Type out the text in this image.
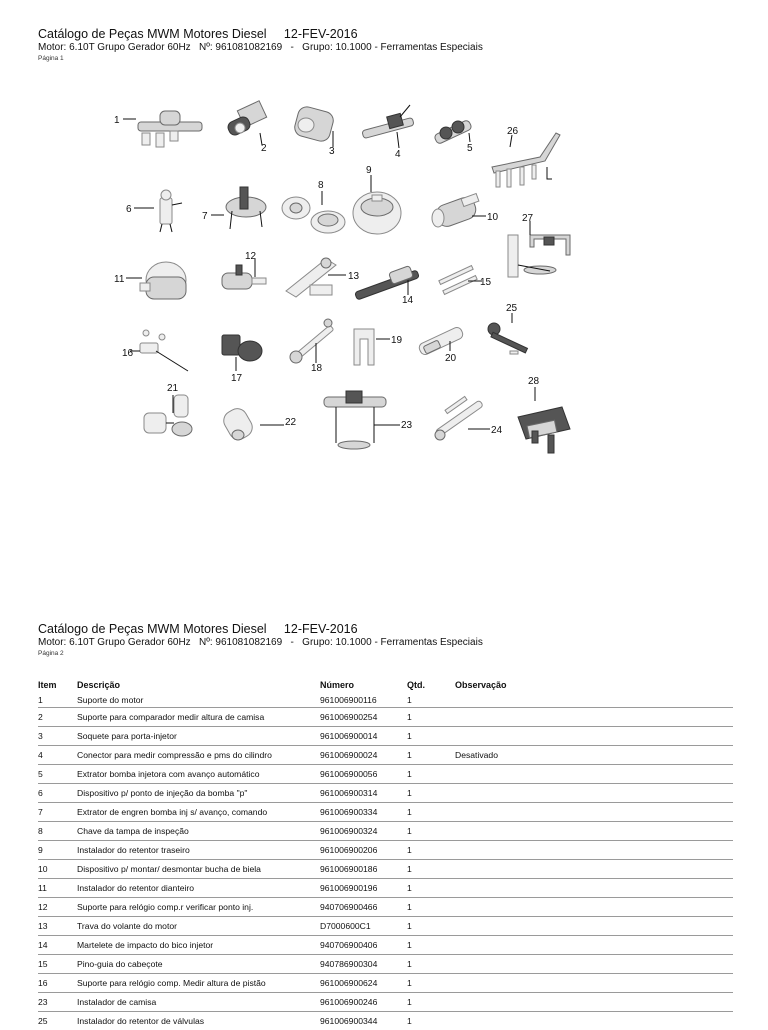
Catálogo de Peças MWM Motores Diesel     12-FEV-2016
Motor: 6.10T Grupo Gerador 60Hz   Nº: 961081082169   -   Grupo: 10.1000 - Ferramentas Especiais
Página 1
1
2	3	4
5
26
6
7
8
9
10 27
11
12
13
14
15
16
17
18
19
20
25
21
22	23	24
28
Catálogo de Peças MWM Motores Diesel     12-FEV-2016
Motor: 6.10T Grupo Gerador 60Hz   Nº: 961081082169   -   Grupo: 10.1000 - Ferramentas Especiais
Página 2
Item	Descrição	Número	Qtd.	Observação
1	Suporte do motor	961006900116	1	
2	Suporte para comparador medir altura de camisa	961006900254	1	
3	Soquete para porta-injetor	961006900014	1	
4	Conector para medir compressão e pms do cilindro	961006900024	1	Desativado
5	Extrator bomba injetora com avanço automático	961006900056	1	
6	Dispositivo p/ ponto de injeção da bomba "p"	961006900314	1	
7	Extrator de engren bomba inj s/ avanço, comando	961006900334	1	
8	Chave da tampa de inspeção	961006900324	1	
9	Instalador do retentor traseiro	961006900206	1	
10	Dispositivo p/ montar/ desmontar bucha de biela	961006900186	1	
11	Instalador do retentor dianteiro	961006900196	1	
12	Suporte para relógio comp.r verificar ponto inj.	940706900466	1	
13	Trava do volante do motor	D7000600C1	1	
14	Martelete de impacto do bico injetor	940706900406	1	
15	Pino-guia do cabeçote	940786900304	1	
16	Suporte para relógio comp. Medir altura de pistão	961006900624	1	
23	Instalador de camisa	961006900246	1	
25	Instalador do retentor de válvulas	961006900344	1	
